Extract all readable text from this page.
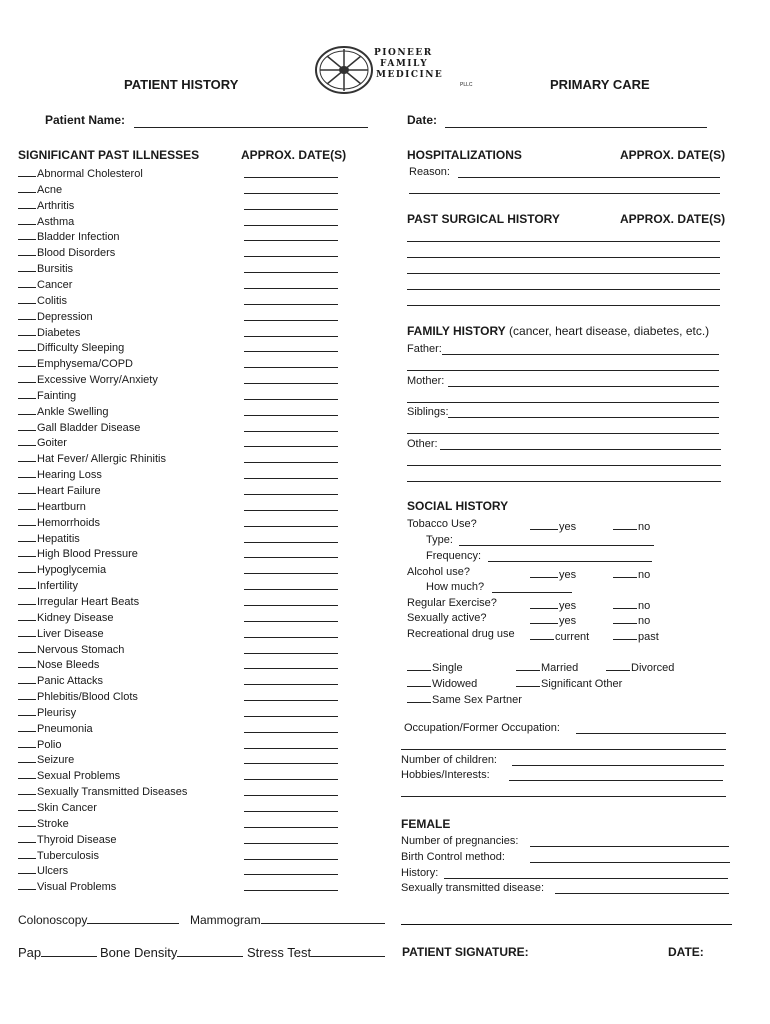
PIONEER
FAMILY
MEDICINE
PLLC
PATIENT HISTORY	PRIMARY CARE
Patient Name:	Date:
SIGNIFICANT PAST ILLNESSES	APPROX. DATE(S)
Abnormal Cholesterol
Acne
Arthritis
Asthma
Bladder Infection
Blood Disorders
Bursitis
Cancer
Colitis
Depression
Diabetes
Difficulty Sleeping
Emphysema/COPD
Excessive Worry/Anxiety
Fainting
Ankle Swelling
Gall Bladder Disease
Goiter
Hat Fever/ Allergic Rhinitis
Hearing Loss
Heart Failure
Heartburn
Hemorrhoids
Hepatitis
High Blood Pressure
Hypoglycemia
Infertility
Irregular Heart Beats
Kidney Disease
Liver Disease
Nervous Stomach
Nose Bleeds
Panic Attacks
Phlebitis/Blood Clots
Pleurisy
Pneumonia
Polio
Seizure
Sexual Problems
Sexually Transmitted Diseases
Skin Cancer
Stroke
Thyroid Disease
Tuberculosis
Ulcers
Visual Problems
Colonoscopy	Mammogram
Pap	Bone Density	Stress Test
HOSPITALIZATIONS	APPROX. DATE(S)
Reason:
PAST SURGICAL HISTORY	APPROX. DATE(S)
FAMILY HISTORY (cancer, heart disease, diabetes, etc.)
Father:
Mother:
Siblings:
Other:
SOCIAL HISTORY
Tobacco Use?	yes	no
Type:
Frequency:
Alcohol use?	yes	no
How much?
Regular Exercise?	yes	no
Sexually active?	yes	no
Recreational drug use	current	past
Single	Married	Divorced
Widowed	Significant Other
Same Sex Partner
Occupation/Former Occupation:
Number of children:
Hobbies/Interests:
FEMALE
Number of pregnancies:
Birth Control method:
History:
Sexually transmitted disease:
PATIENT SIGNATURE:	DATE:
